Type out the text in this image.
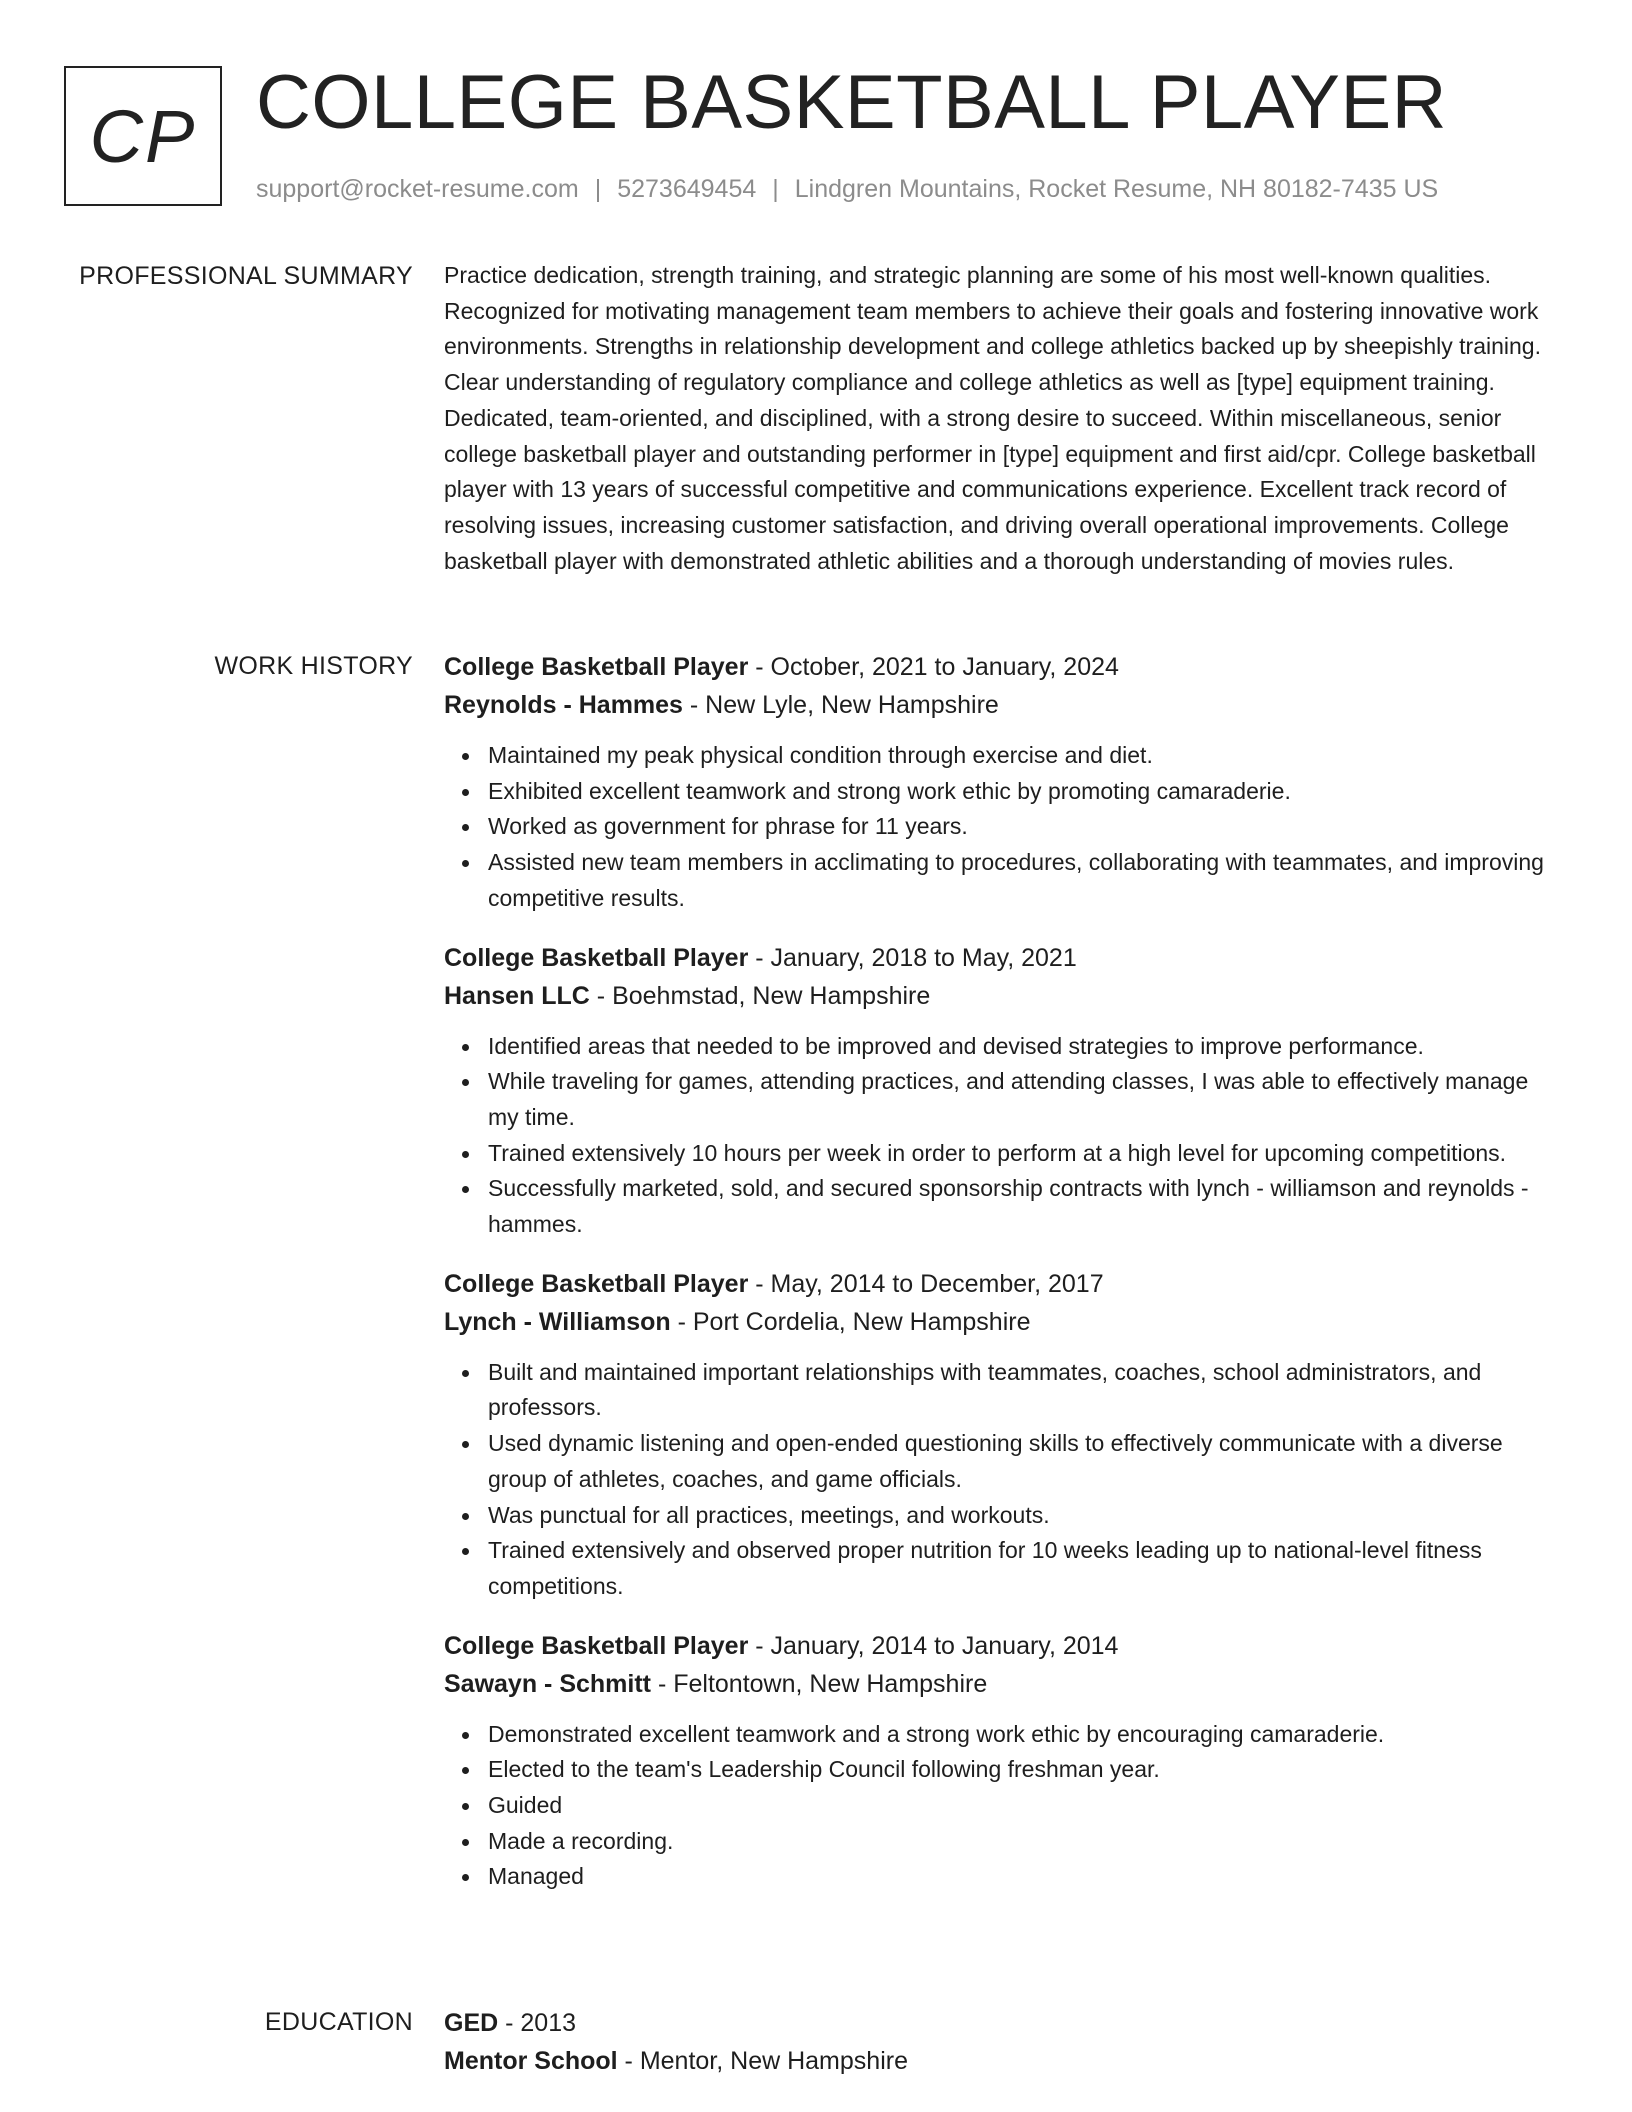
CP COLLEGE BASKETBALL PLAYER
support@rocket-resume.com | 5273649454 | Lindgren Mountains, Rocket Resume, NH 80182-7435 US
PROFESSIONAL SUMMARY Practice dedication, strength training, and strategic planning are some of his most well-known qualities. Recognized for motivating management team members to achieve their goals and fostering innovative work environments. Strengths in relationship development and college athletics backed up by sheepishly training. Clear understanding of regulatory compliance and college athletics as well as [type] equipment training. Dedicated, team-oriented, and disciplined, with a strong desire to succeed. Within miscellaneous, senior college basketball player and outstanding performer in [type] equipment and first aid/cpr. College basketball player with 13 years of successful competitive and communications experience. Excellent track record of resolving issues, increasing customer satisfaction, and driving overall operational improvements. College basketball player with demonstrated athletic abilities and a thorough understanding of movies rules.

WORK HISTORY College Basketball Player - October, 2021 to January, 2024
Reynolds - Hammes - New Lyle, New Hampshire
Maintained my peak physical condition through exercise and diet.
Exhibited excellent teamwork and strong work ethic by promoting camaraderie.
Worked as government for phrase for 11 years.
Assisted new team members in acclimating to procedures, collaborating with teammates, and improving competitive results.
College Basketball Player - January, 2018 to May, 2021
Hansen LLC - Boehmstad, New Hampshire
Identified areas that needed to be improved and devised strategies to improve performance.
While traveling for games, attending practices, and attending classes, I was able to effectively manage my time.
Trained extensively 10 hours per week in order to perform at a high level for upcoming competitions.
Successfully marketed, sold, and secured sponsorship contracts with lynch - williamson and reynolds - hammes.
College Basketball Player - May, 2014 to December, 2017
Lynch - Williamson - Port Cordelia, New Hampshire
Built and maintained important relationships with teammates, coaches, school administrators, and professors.
Used dynamic listening and open-ended questioning skills to effectively communicate with a diverse group of athletes, coaches, and game officials.
Was punctual for all practices, meetings, and workouts.
Trained extensively and observed proper nutrition for 10 weeks leading up to national-level fitness competitions.
College Basketball Player - January, 2014 to January, 2014
Sawayn - Schmitt - Feltontown, New Hampshire
Demonstrated excellent teamwork and a strong work ethic by encouraging camaraderie.
Elected to the team's Leadership Council following freshman year.
Guided
Made a recording.
Managed
EDUCATION GED - 2013
Mentor School - Mentor, New Hampshire
